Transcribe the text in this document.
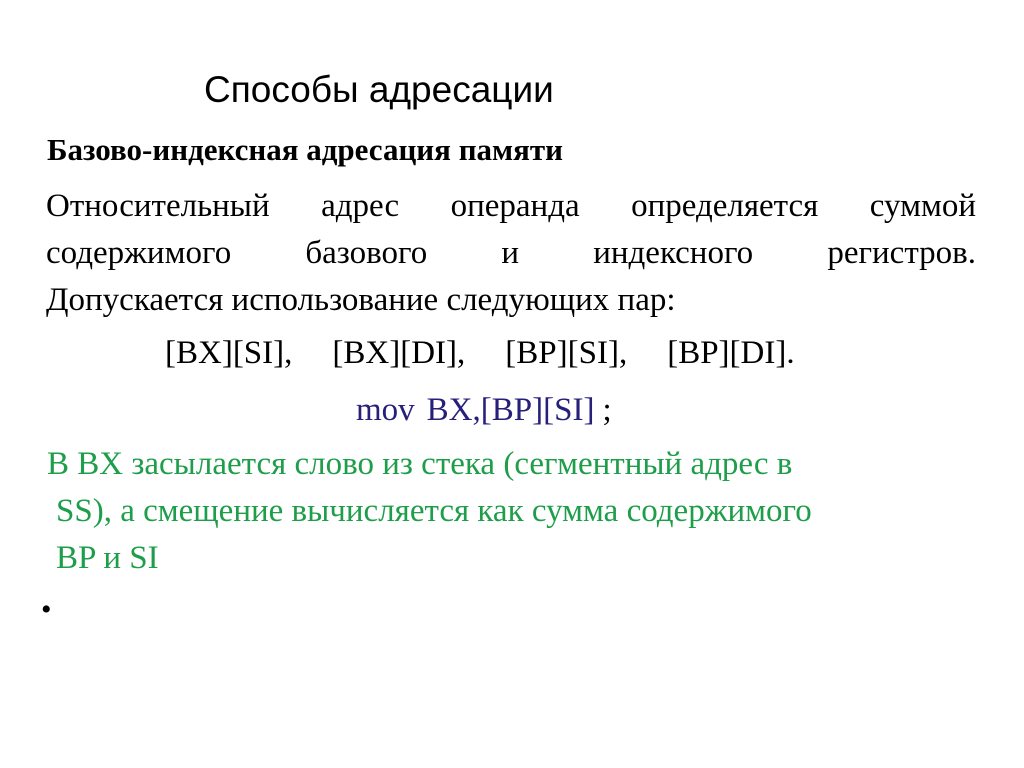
Способы адресации
Базово-индексная адресация памяти
Относительный адрес операнда определяется суммой
содержимого базового и индексного регистров.
Допускается использование следующих пар:
[BX][SI], [BX][DI], [BP][SI], [BP][DI].
mov BX,[BP][SI] ;
В BX засылается слово из стека (сегментный адрес в
SS), а смещение вычисляется как сумма содержимого
BP и SI
•
